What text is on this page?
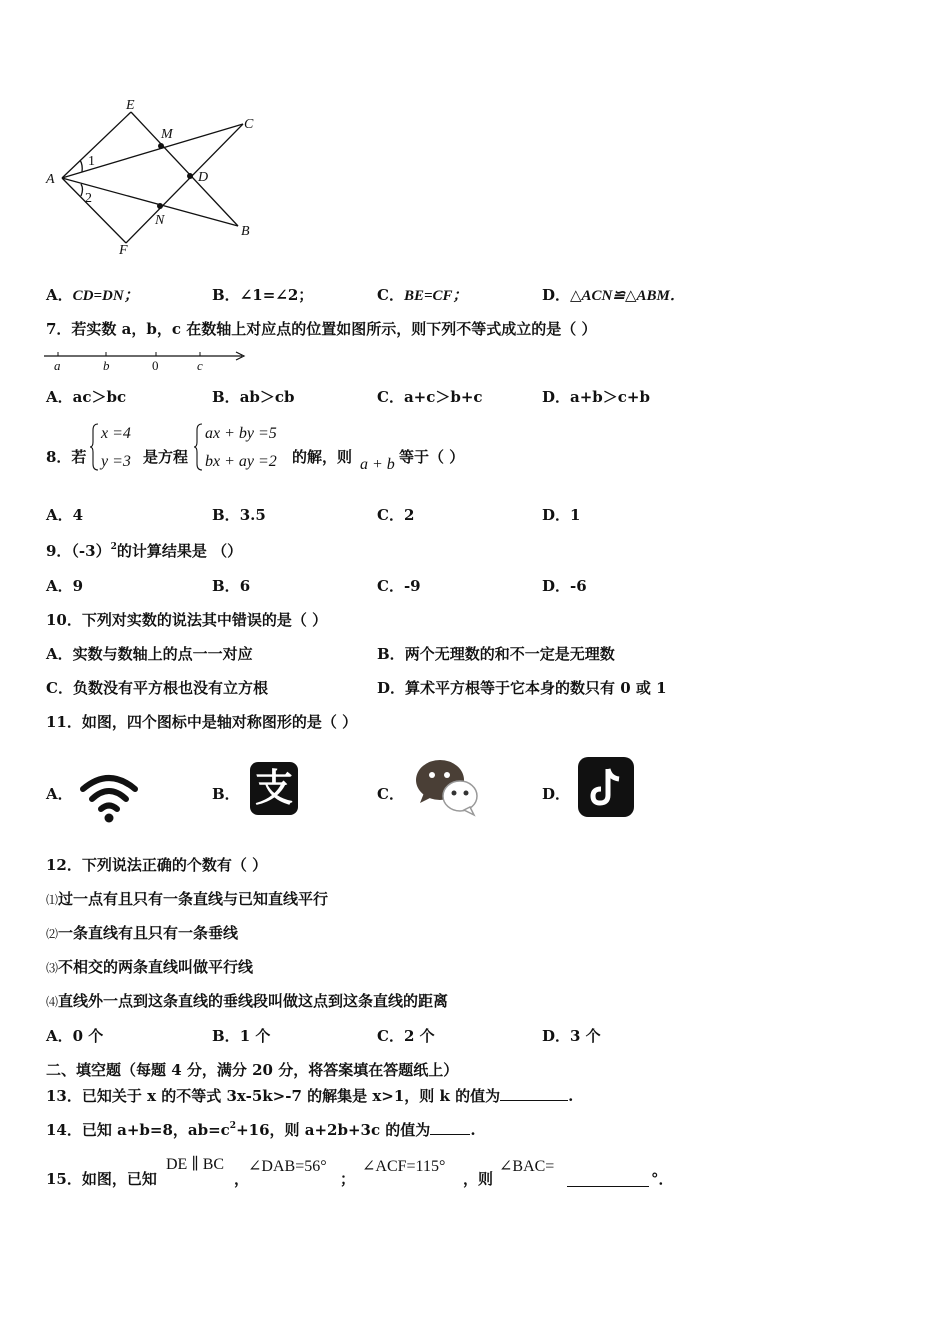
E
M
C
A	D
N
B
F
1
2
A．CD=DN；	B．∠1=∠2；	C．BE=CF；	D．△ACN≌△ABM．
7．若实数 a，b，c 在数轴上对应点的位置如图所示，则下列不等式成立的是（ ）
a	b	0	c
A．ac＞bc	B．ab＞cb	C．a+c＞b+c	D．a+b＞c+b
8．若
x =4
y =3 是方程
ax + by =5
bx + ay =2 的解，则 a + b 等于（ ）
A．4	B．3.5	C．2	D．1
9．$(-3)^2$的计算结果是 （）
A．9	B．6	C．-9	D．-6
10．下列对实数的说法其中错误的是（ ）
A．实数与数轴上的点一一对应	B．两个无理数的和不一定是无理数
C．负数没有平方根也没有立方根	D．算术平方根等于它本身的数只有 0 或 1
11．如图，四个图标中是轴对称图形的是（ ）
A．	B． 支	C．	D．
12．下列说法正确的个数有（ ）
⑴过一点有且只有一条直线与已知直线平行
⑵一条直线有且只有一条垂线
⑶不相交的两条直线叫做平行线
⑷直线外一点到这条直线的垂线段叫做这点到这条直线的距离
A．0 个	B．1 个	C．2 个	D．3 个
二、填空题（每题 4 分，满分 20 分，将答案填在答题纸上）
13．已知关于 x 的不等式 3x-5k>-7 的解集是 x>1，则 k 的值为	.
14．已知 a+b=8，$ab=c^2+16$，则 a+2b+3c 的值为	.
15．如图，已知
DE ∥ BC
，
∠DAB=56°
；
∠ACF=115°
，则
∠BAC=
°．
